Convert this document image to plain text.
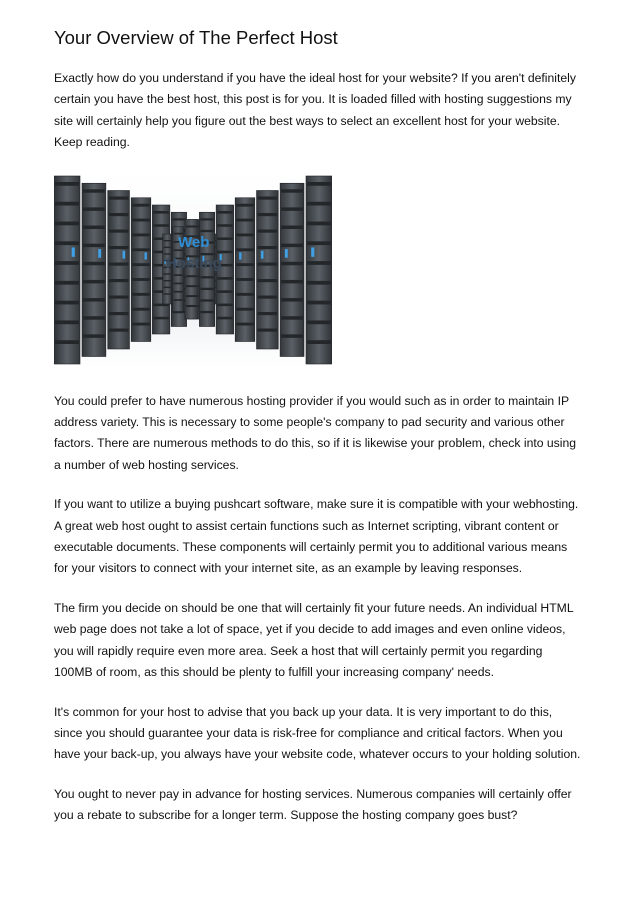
Your Overview of The Perfect Host

Exactly how do you understand if you have the ideal host for your website? If you aren't definitely certain you have the best host, this post is for you. It is loaded filled with hosting suggestions my site will certainly help you figure out the best ways to select an excellent host for your website. Keep reading.

Web
Hosting

You could prefer to have numerous hosting provider if you would such as in order to maintain IP address variety. This is necessary to some people's company to pad security and various other factors. There are numerous methods to do this, so if it is likewise your problem, check into using a number of web hosting services.

If you want to utilize a buying pushcart software, make sure it is compatible with your webhosting. A great web host ought to assist certain functions such as Internet scripting, vibrant content or executable documents. These components will certainly permit you to additional various means for your visitors to connect with your internet site, as an example by leaving responses.

The firm you decide on should be one that will certainly fit your future needs. An individual HTML web page does not take a lot of space, yet if you decide to add images and even online videos, you will rapidly require even more area. Seek a host that will certainly permit you regarding 100MB of room, as this should be plenty to fulfill your increasing company' needs.

It's common for your host to advise that you back up your data. It is very important to do this, since you should guarantee your data is risk-free for compliance and critical factors. When you have your back-up, you always have your website code, whatever occurs to your holding solution.

You ought to never pay in advance for hosting services. Numerous companies will certainly offer you a rebate to subscribe for a longer term. Suppose the hosting company goes bust?
